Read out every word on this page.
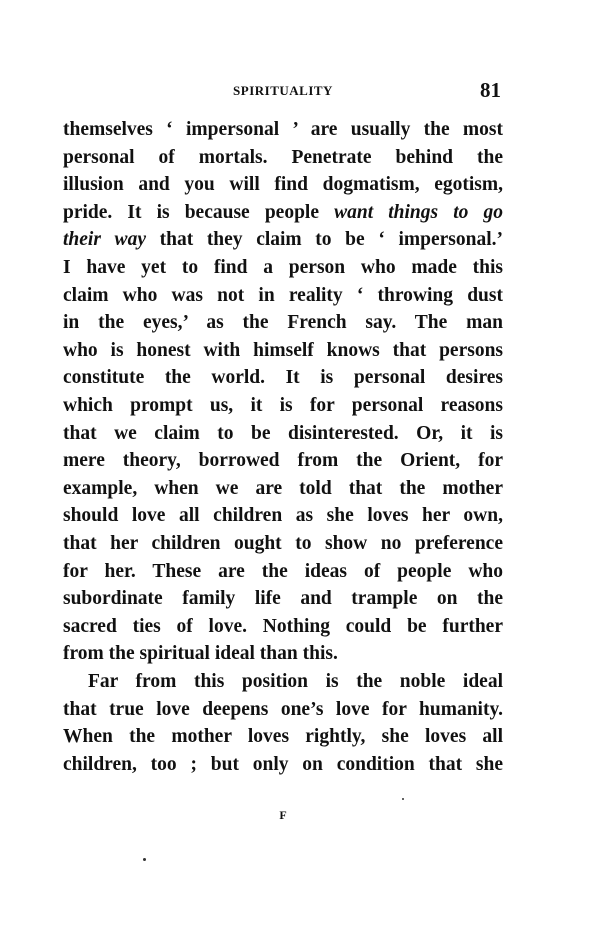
SPIRITUALITY	81
themselves ‘ impersonal ’ are usually the most
personal of mortals. Penetrate behind the
illusion and you will find dogmatism, egotism,
pride. It is because people want things to go
their way that they claim to be ‘ impersonal.’
I have yet to find a person who made this
claim who was not in reality ‘ throwing dust
in the eyes,’ as the French say. The man
who is honest with himself knows that persons
constitute the world. It is personal desires
which prompt us, it is for personal reasons
that we claim to be disinterested. Or, it is
mere theory, borrowed from the Orient, for
example, when we are told that the mother
should love all children as she loves her own,
that her children ought to show no preference
for her. These are the ideas of people who
subordinate family life and trample on the
sacred ties of love. Nothing could be further
from the spiritual ideal than this.
Far from this position is the noble ideal
that true love deepens one’s love for humanity.
When the mother loves rightly, she loves all
children, too ; but only on condition that she
F
